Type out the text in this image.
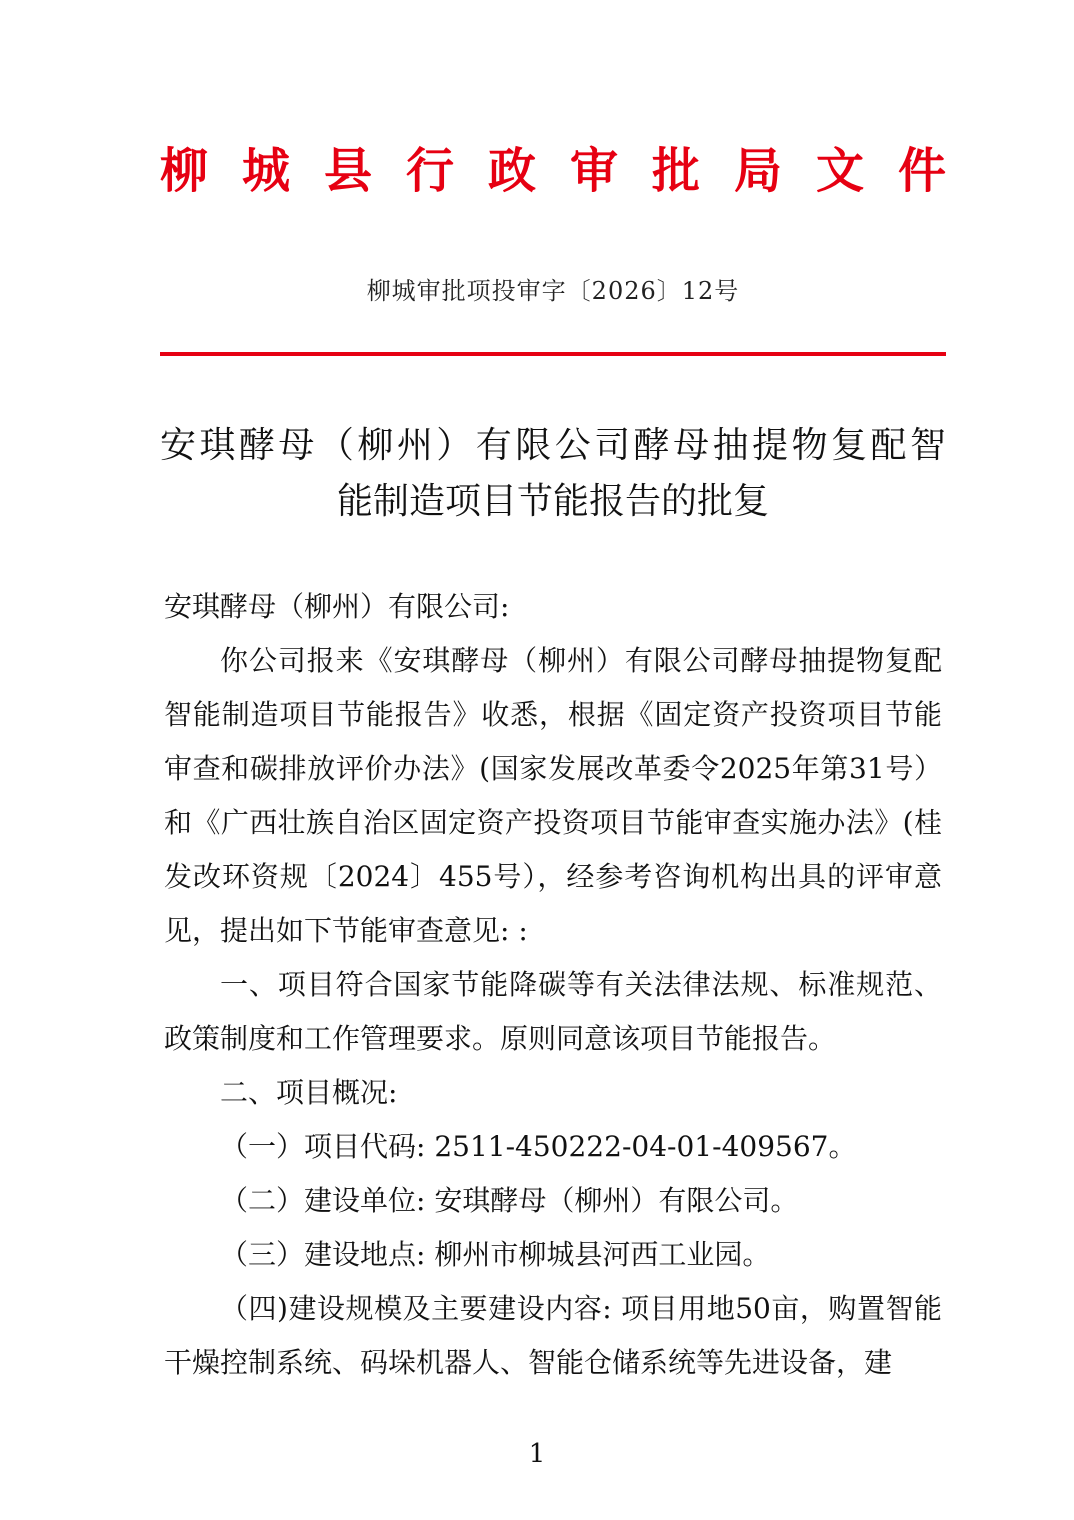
柳城县行政审批局文件
柳城审批项投审字〔2026〕12号
安琪酵母（柳州）有限公司酵母抽提物复配智
能制造项目节能报告的批复

安琪酵母（柳州）有限公司:

你公司报来《安琪酵母（柳州）有限公司酵母抽提物复配智能制造项目节能报告》收悉，根据《固定资产投资项目节能审查和碳排放评价办法》(国家发展改革委令2025年第31号）和《广西壮族自治区固定资产投资项目节能审查实施办法》(桂发改环资规〔2024〕455号），经参考咨询机构出具的评审意见，提出如下节能审查意见: :

一、项目符合国家节能降碳等有关法律法规、标准规范、政策制度和工作管理要求。原则同意该项目节能报告。

二、项目概况:

（一）项目代码: 2511-450222-04-01-409567。

（二）建设单位: 安琪酵母（柳州）有限公司。

（三）建设地点: 柳州市柳城县河西工业园。

（四)建设规模及主要建设内容: 项目用地50亩，购置智能干燥控制系统、码垛机器人、智能仓储系统等先进设备，建

1
